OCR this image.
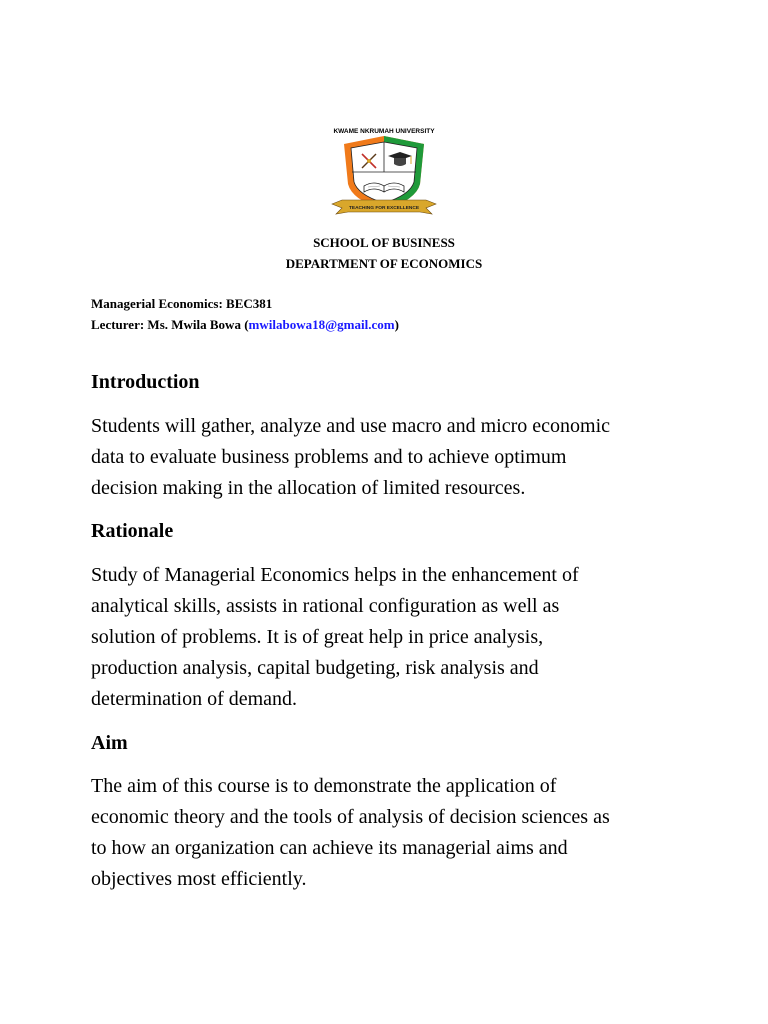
KWAME NKRUMAH UNIVERSITY
TEACHING FOR EXCELLENCE
SCHOOL OF BUSINESS
DEPARTMENT OF ECONOMICS
Managerial Economics: BEC381
Lecturer: Ms. Mwila Bowa (mwilabowa18@gmail.com)
Introduction

Students will gather, analyze and use macro and micro economic
data to evaluate business problems and to achieve optimum
decision making in the allocation of limited resources.

Rationale

Study of Managerial Economics helps in the enhancement of
analytical skills, assists in rational configuration as well as
solution of problems. It is of great help in price analysis,
production analysis, capital budgeting, risk analysis and
determination of demand.

Aim

The aim of this course is to demonstrate the application of
economic theory and the tools of analysis of decision sciences as
to how an organization can achieve its managerial aims and
objectives most efficiently.
